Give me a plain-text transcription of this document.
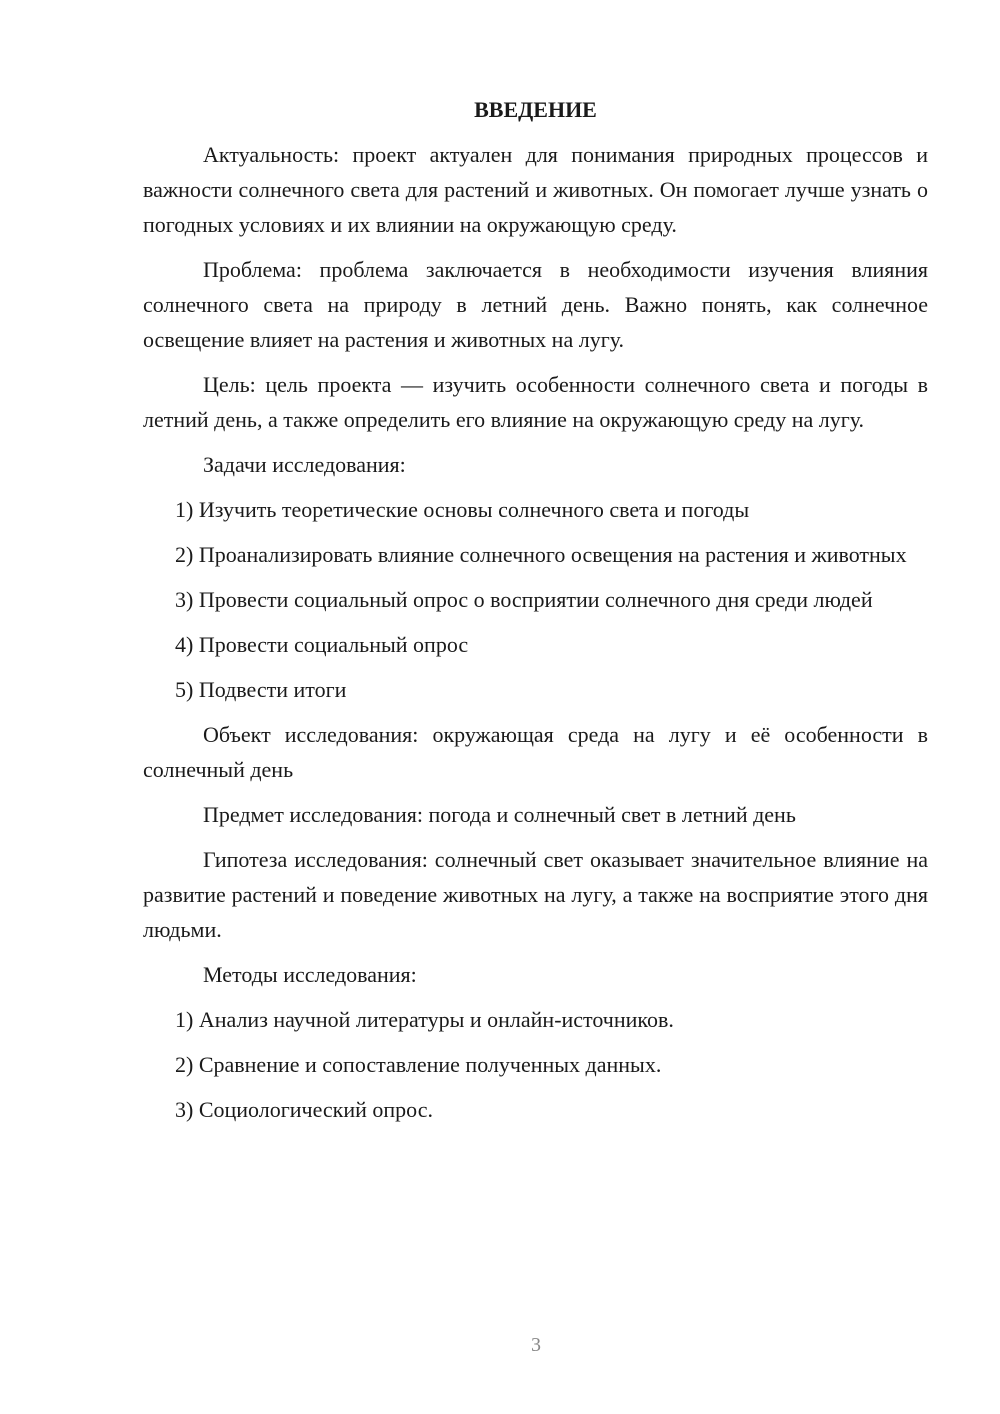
ВВЕДЕНИЕ

Актуальность: проект актуален для понимания природных процессов и важности солнечного света для растений и животных. Он помогает лучше узнать о погодных условиях и их влиянии на окружающую среду.

Проблема: проблема заключается в необходимости изучения влияния солнечного света на природу в летний день. Важно понять, как солнечное освещение влияет на растения и животных на лугу.

Цель: цель проекта — изучить особенности солнечного света и погоды в летний день, а также определить его влияние на окружающую среду на лугу.

Задачи исследования:

1) Изучить теоретические основы солнечного света и погоды

2) Проанализировать влияние солнечного освещения на растения и животных

3) Провести социальный опрос о восприятии солнечного дня среди людей

4) Провести социальный опрос

5) Подвести итоги

Объект исследования: окружающая среда на лугу и её особенности в солнечный день

Предмет исследования: погода и солнечный свет в летний день

Гипотеза исследования: солнечный свет оказывает значительное влияние на развитие растений и поведение животных на лугу, а также на восприятие этого дня людьми.

Методы исследования:

1) Анализ научной литературы и онлайн-источников.

2) Сравнение и сопоставление полученных данных.

3) Социологический опрос.

3
